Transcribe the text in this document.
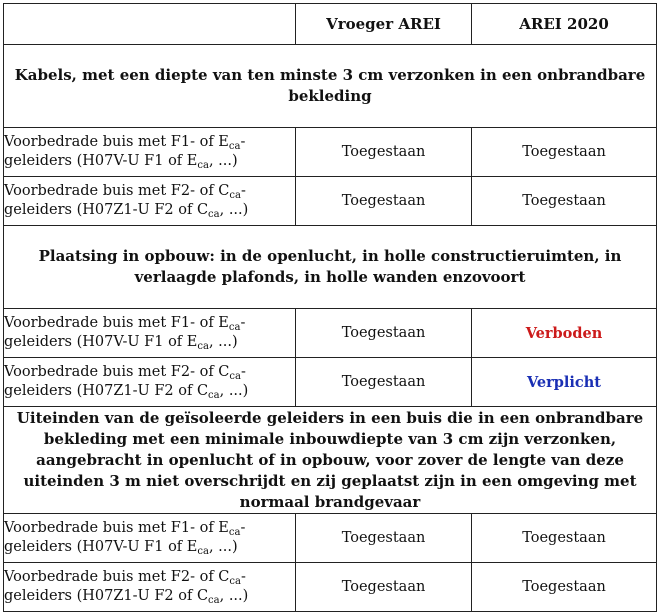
	Vroeger AREI	AREI 2020
Kabels, met een diepte van ten minste 3 cm verzonken in een onbrandbare bekleding		
Voorbedrade buis met F1- of $E_{ca}-$
geleiders (H07V-U F1 of $E_{ca}$, ...)	Toegestaan	Toegestaan
Voorbedrade buis met F2- of $C_{ca}-$
geleiders (H07Z1-U F2 of $C_{ca}$, ...)	Toegestaan	Toegestaan
Plaatsing in opbouw: in de openlucht, in holle constructieruimten, in verlaagde plafonds, in holle wanden enzovoort		
Voorbedrade buis met F1- of $E_{ca}-$
geleiders (H07V-U F1 of $E_{ca}$, ...)	Toegestaan	Verboden
Voorbedrade buis met F2- of $C_{ca}-$
geleiders (H07Z1-U F2 of $C_{ca}$, ...)	Toegestaan	Verplicht
Uiteinden van de geïsoleerde geleiders in een buis die in een onbrandbare bekleding met een minimale inbouwdiepte van 3 cm zijn verzonken, aangebracht in openlucht of in opbouw, voor zover de lengte van deze uiteinden 3 m niet overschrijdt en zij geplaatst zijn in een omgeving met normaal brandgevaar		
Voorbedrade buis met F1- of $E_{ca}-$
geleiders (H07V-U F1 of $E_{ca}$, ...)	Toegestaan	Toegestaan
Voorbedrade buis met F2- of $C_{ca}-$
geleiders (H07Z1-U F2 of $C_{ca}$, ...)	Toegestaan	Toegestaan
